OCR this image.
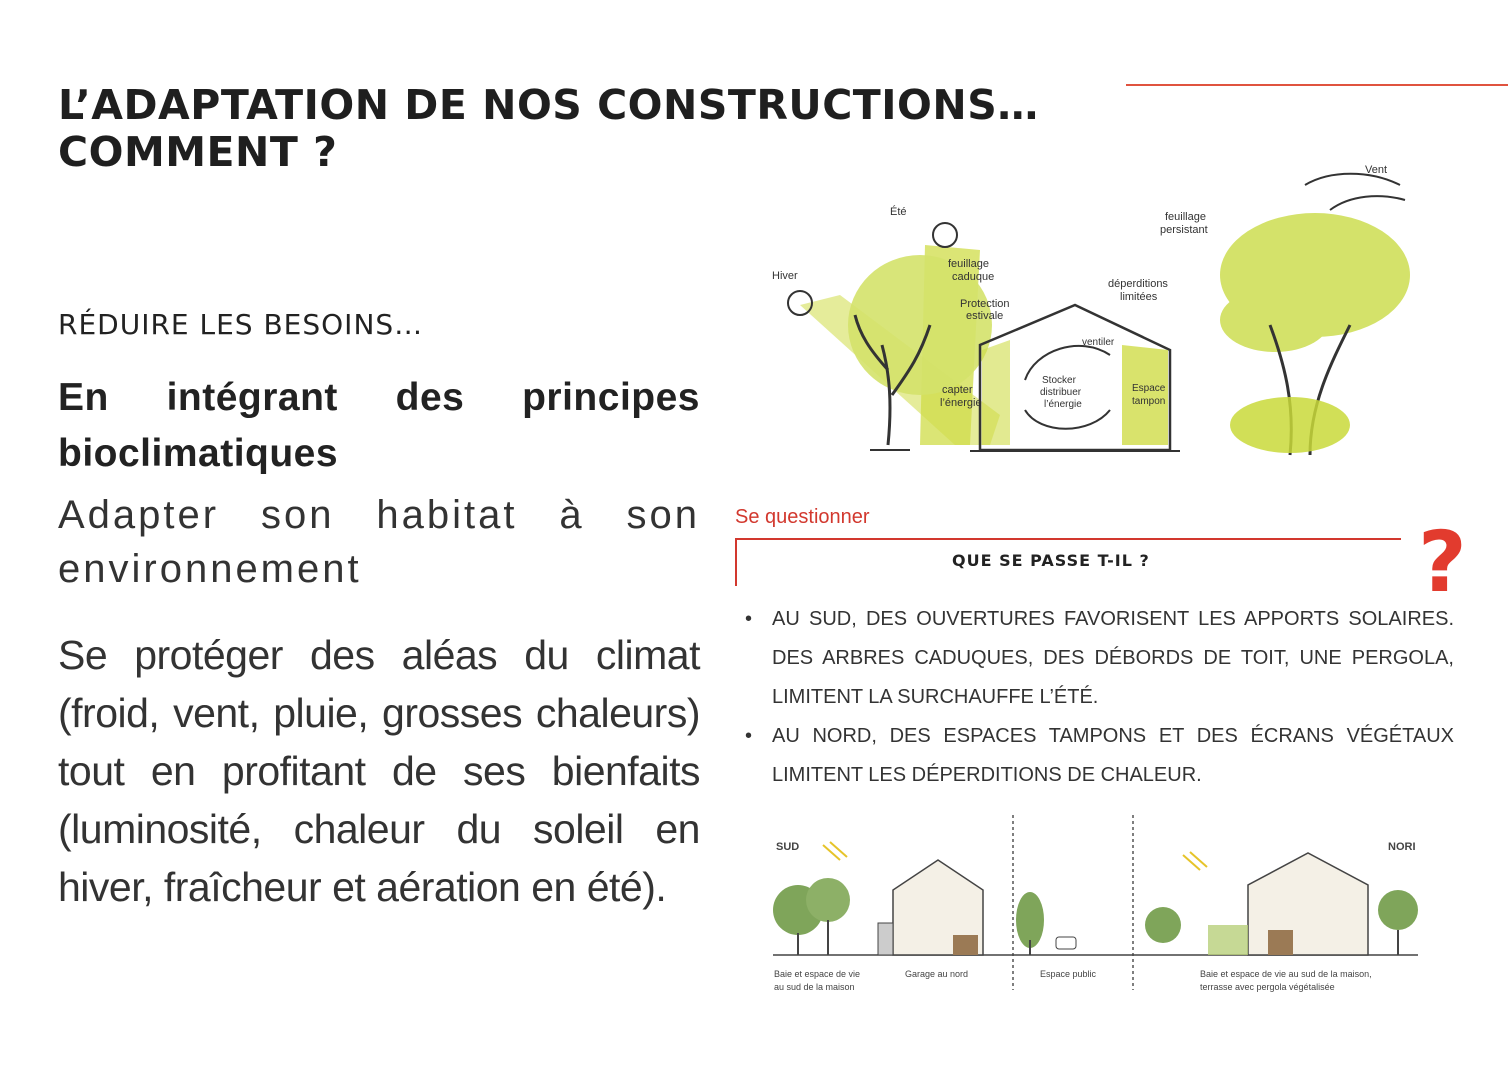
L’ADAPTATION DE NOS CONSTRUCTIONS…
COMMENT ?
RÉDUIRE LES BESOINS…
En intégrant des principes bioclimatiques
Adapter son habitat à son environnement
Se protéger des aléas du climat (froid, vent, pluie, grosses chaleurs) tout en profitant de ses bienfaits (luminosité, chaleur du soleil en hiver, fraîcheur et aération en été).
Vent
Été
Hiver
feuillage
caduque
Protection
estivale
feuillage
persistant
déperditions
limitées
ventiler
Stocker
distribuer
l’énergie
capter
l’énergie
Espace
tampon
Se questionner
QUE SE PASSE T-IL ?	?
• AU SUD, DES OUVERTURES FAVORISENT LES APPORTS SOLAIRES. DES ARBRES CADUQUES, DES DÉBORDS DE TOIT, UNE PERGOLA, LIMITENT LA SURCHAUFFE L’ÉTÉ.
• AU NORD, DES ESPACES TAMPONS ET DES ÉCRANS VÉGÉTAUX LIMITENT LES DÉPERDITIONS DE CHALEUR.
SUD	NORI
Baie et espace de vie
au sud de la maison
Garage au nord	Espace public	Baie et espace de vie au sud de la maison,
terrasse avec pergola végétalisée
